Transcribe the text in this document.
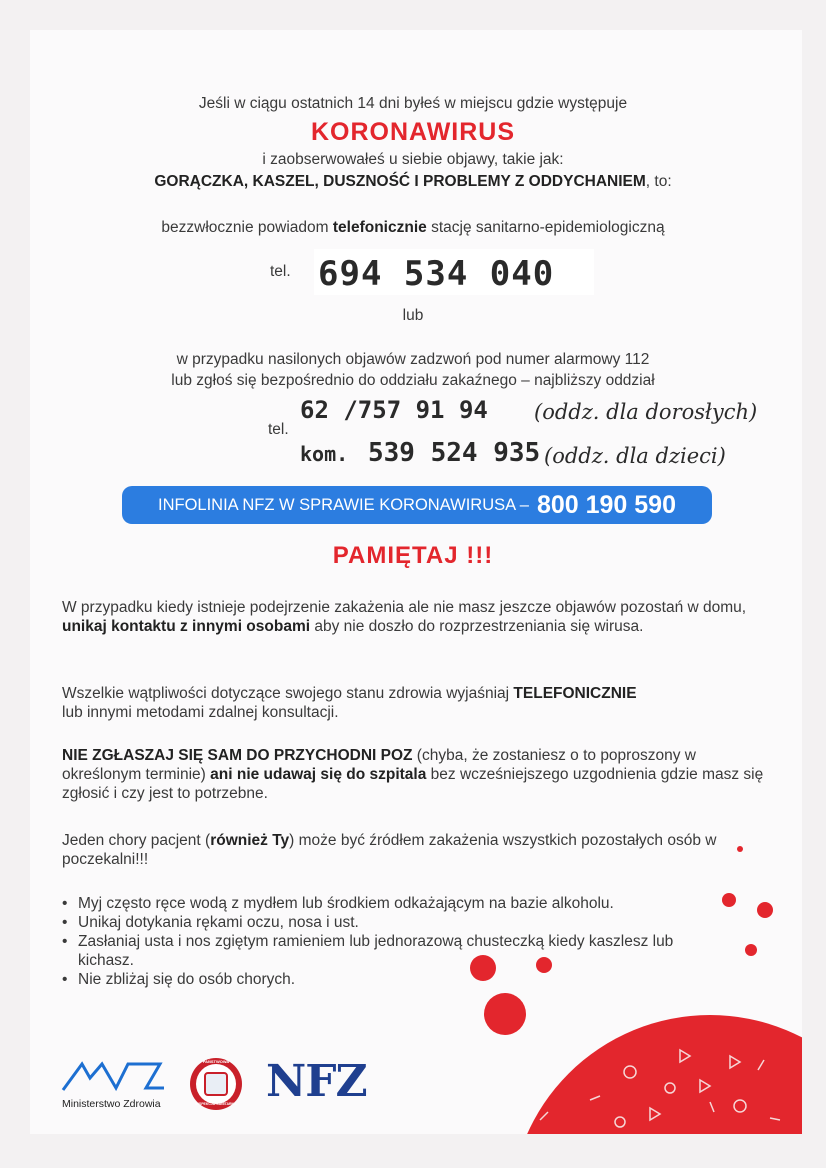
Jeśli w ciągu ostatnich 14 dni byłeś w miejscu gdzie występuje
KORONAWIRUS
i zaobserwowałeś u siebie objawy, takie jak:
GORĄCZKA, KASZEL, DUSZNOŚĆ I PROBLEMY Z ODDYCHANIEM, to:
bezzwłocznie powiadom telefonicznie stację sanitarno-epidemiologiczną
tel. 694 534 040
lub
w przypadku nasilonych objawów zadzwoń pod numer alarmowy 112
lub zgłoś się bezpośrednio do oddziału zakaźnego – najbliższy oddział
tel.
62 /757 91 94 (oddz. dla dorosłych)
kom. 539 524 935 (oddz. dla dzieci)
INFOLINIA NFZ W SPRAWIE KORONAWIRUSA – 800 190 590
PAMIĘTAJ !!!
W przypadku kiedy istnieje podejrzenie zakażenia ale nie masz jeszcze objawów pozostań w domu, unikaj kontaktu z innymi osobami aby nie doszło do rozprzestrzeniania się wirusa.
Wszelkie wątpliwości dotyczące swojego stanu zdrowia wyjaśniaj TELEFONICZNIE
lub innymi metodami zdalnej konsultacji.
NIE ZGŁASZAJ SIĘ SAM DO PRZYCHODNI POZ (chyba, że zostaniesz o to poproszony w określonym terminie) ani nie udawaj się do szpitala bez wcześniejszego uzgodnienia gdzie masz się zgłosić i czy jest to potrzebne.
Jeden chory pacjent (również Ty) może być źródłem zakażenia wszystkich pozostałych osób w poczekalni!!!
• Myj często ręce wodą z mydłem lub środkiem odkażającym na bazie alkoholu.
• Unikaj dotykania rękami oczu, nosa i ust.
• Zasłaniaj usta i nos zgiętym ramieniem lub jednorazową chusteczką kiedy kaszlesz lub kichasz.
• Nie zbliżaj się do osób chorych.
Ministerstwo Zdrowia
PAŃSTWOWA
INSPEKCJA SANITARNA NFZ
